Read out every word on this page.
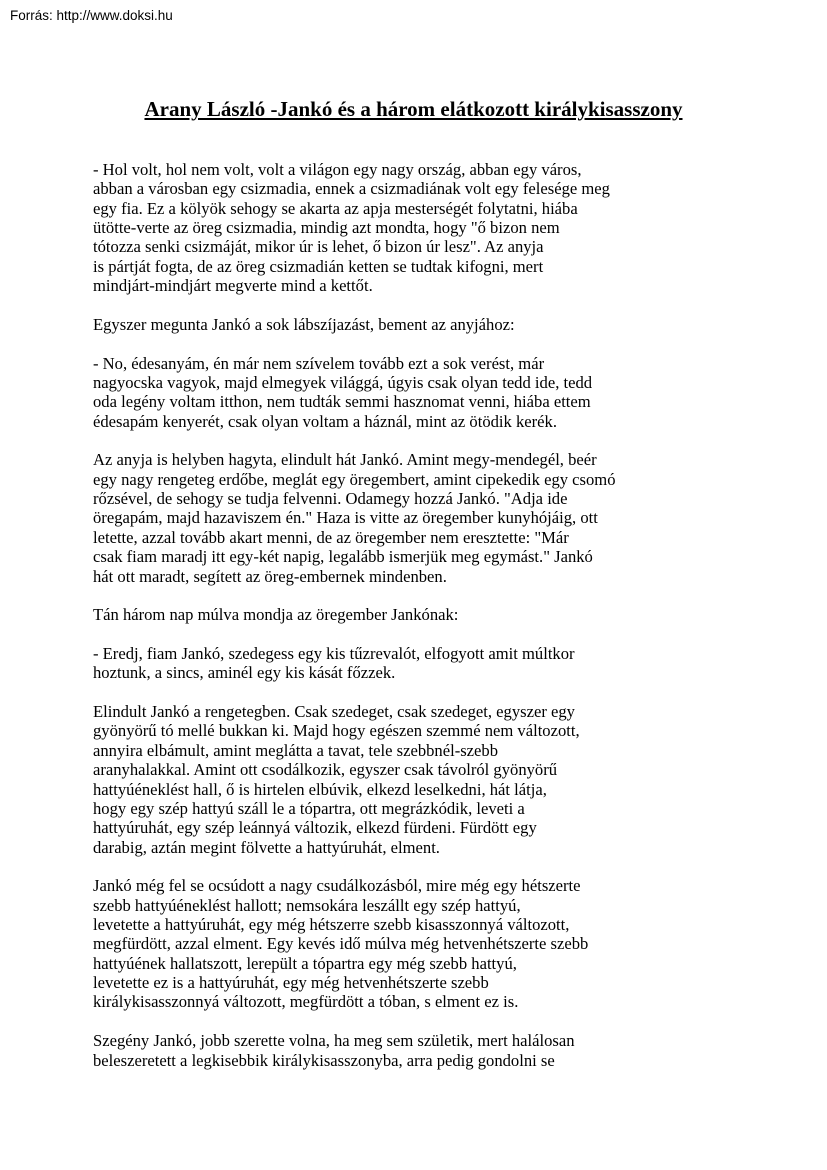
Forrás: http://www.doksi.hu
Arany László -Jankó és a három elátkozott királykisasszony

- Hol volt, hol nem volt, volt a világon egy nagy ország, abban egy város,
abban a városban egy csizmadia, ennek a csizmadiának volt egy felesége meg
egy fia. Ez a kölyök sehogy se akarta az apja mesterségét folytatni, hiába
ütötte-verte az öreg csizmadia, mindig azt mondta, hogy "ő bizon nem
tótozza senki csizmáját, mikor úr is lehet, ő bizon úr lesz". Az anyja
is pártját fogta, de az öreg csizmadián ketten se tudtak kifogni, mert
mindjárt-mindjárt megverte mind a kettőt.

Egyszer megunta Jankó a sok lábszíjazást, bement az anyjához:

- No, édesanyám, én már nem szívelem tovább ezt a sok verést, már
nagyocska vagyok, majd elmegyek világgá, úgyis csak olyan tedd ide, tedd
oda legény voltam itthon, nem tudták semmi hasznomat venni, hiába ettem
édesapám kenyerét, csak olyan voltam a háznál, mint az ötödik kerék.

Az anyja is helyben hagyta, elindult hát Jankó. Amint megy-mendegél, beér
egy nagy rengeteg erdőbe, meglát egy öregembert, amint cipekedik egy csomó
rőzsével, de sehogy se tudja felvenni. Odamegy hozzá Jankó. "Adja ide
öregapám, majd hazaviszem én." Haza is vitte az öregember kunyhójáig, ott
letette, azzal tovább akart menni, de az öregember nem eresztette: "Már
csak fiam maradj itt egy-két napig, legalább ismerjük meg egymást." Jankó
hát ott maradt, segített az öreg-embernek mindenben.

Tán három nap múlva mondja az öregember Jankónak:

- Eredj, fiam Jankó, szedegess egy kis tűzrevalót, elfogyott amit múltkor
hoztunk, a sincs, aminél egy kis kását főzzek.

Elindult Jankó a rengetegben. Csak szedeget, csak szedeget, egyszer egy
gyönyörű tó mellé bukkan ki. Majd hogy egészen szemmé nem változott,
annyira elbámult, amint meglátta a tavat, tele szebbnél-szebb
aranyhalakkal. Amint ott csodálkozik, egyszer csak távolról gyönyörű
hattyúéneklést hall, ő is hirtelen elbúvik, elkezd leselkedni, hát látja,
hogy egy szép hattyú száll le a tópartra, ott megrázkódik, leveti a
hattyúruhát, egy szép leánnyá változik, elkezd fürdeni. Fürdött egy
darabig, aztán megint fölvette a hattyúruhát, elment.

Jankó még fel se ocsúdott a nagy csudálkozásból, mire még egy hétszerte
szebb hattyúéneklést hallott; nemsokára leszállt egy szép hattyú,
levetette a hattyúruhát, egy még hétszerre szebb kisasszonnyá változott,
megfürdött, azzal elment. Egy kevés idő múlva még hetvenhétszerte szebb
hattyúének hallatszott, lerepült a tópartra egy még szebb hattyú,
levetette ez is a hattyúruhát, egy még hetvenhétszerte szebb
királykisasszonnyá változott, megfürdött a tóban, s elment ez is.

Szegény Jankó, jobb szerette volna, ha meg sem születik, mert halálosan
beleszeretett a legkisebbik királykisasszonyba, arra pedig gondolni se
